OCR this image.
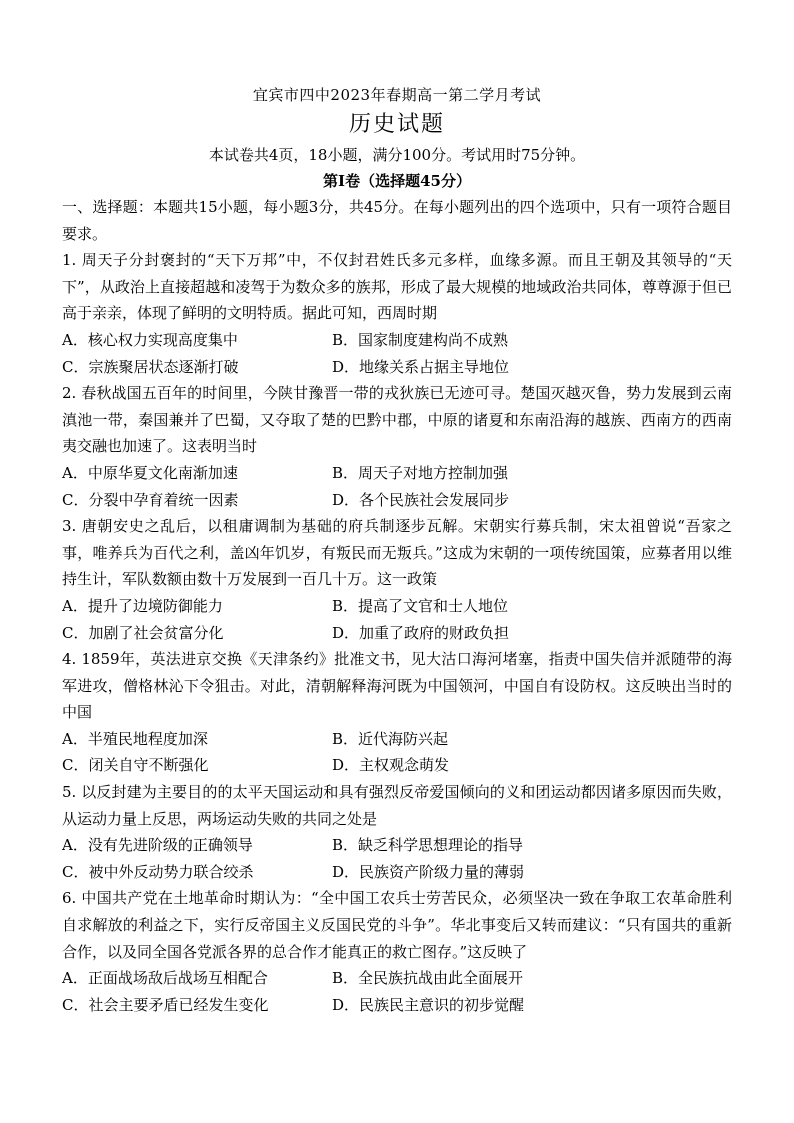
宜宾市四中2023年春期高一第二学月考试
历史试题
本试卷共4页，18小题，满分100分。考试用时75分钟。
第I卷（选择题45分）
一、选择题：本题共15小题，每小题3分，共45分。在每小题列出的四个选项中，只有一项符合题目要求。
1. 周天子分封褒封的“天下万邦”中，不仅封君姓氏多元多样，血缘多源。而且王朝及其领导的“天下”，从政治上直接超越和凌驾于为数众多的族邦，形成了最大规模的地域政治共同体，尊尊源于但已高于亲亲，体现了鲜明的文明特质。据此可知，西周时期
A．核心权力实现高度集中	B．国家制度建构尚不成熟
C．宗族聚居状态逐渐打破	D．地缘关系占据主导地位
2. 春秋战国五百年的时间里，今陕甘豫晋一带的戎狄族已无迹可寻。楚国灭越灭鲁，势力发展到云南滇池一带，秦国兼并了巴蜀，又夺取了楚的巴黔中郡，中原的诸夏和东南沿海的越族、西南方的西南夷交融也加速了。这表明当时
A．中原华夏文化南渐加速	B．周天子对地方控制加强
C．分裂中孕育着统一因素	D．各个民族社会发展同步
3. 唐朝安史之乱后，以租庸调制为基础的府兵制逐步瓦解。宋朝实行募兵制，宋太祖曾说“吾家之事，唯养兵为百代之利，盖凶年饥岁，有叛民而无叛兵。”这成为宋朝的一项传统国策，应募者用以维持生计，军队数额由数十万发展到一百几十万。这一政策
A．提升了边境防御能力	B．提高了文官和士人地位
C．加剧了社会贫富分化	D．加重了政府的财政负担
4. 1859年，英法进京交换《天津条约》批准文书，见大沽口海河堵塞，指责中国失信并派随带的海军进攻，僧格林沁下令狙击。对此，清朝解释海河既为中国领河，中国自有设防权。这反映出当时的中国
A．半殖民地程度加深	B．近代海防兴起
C．闭关自守不断强化	D．主权观念萌发
5. 以反封建为主要目的的太平天国运动和具有强烈反帝爱国倾向的义和团运动都因诸多原因而失败，从运动力量上反思，两场运动失败的共同之处是
A．没有先进阶级的正确领导	B．缺乏科学思想理论的指导
C．被中外反动势力联合绞杀	D．民族资产阶级力量的薄弱
6. 中国共产党在土地革命时期认为：“全中国工农兵士劳苦民众，必须坚决一致在争取工农革命胜利自求解放的利益之下，实行反帝国主义反国民党的斗争”。华北事变后又转而建议：“只有国共的重新合作，以及同全国各党派各界的总合作才能真正的救亡图存。”这反映了
A．正面战场敌后战场互相配合	B．全民族抗战由此全面展开
C．社会主要矛盾已经发生变化	D．民族民主意识的初步觉醒
